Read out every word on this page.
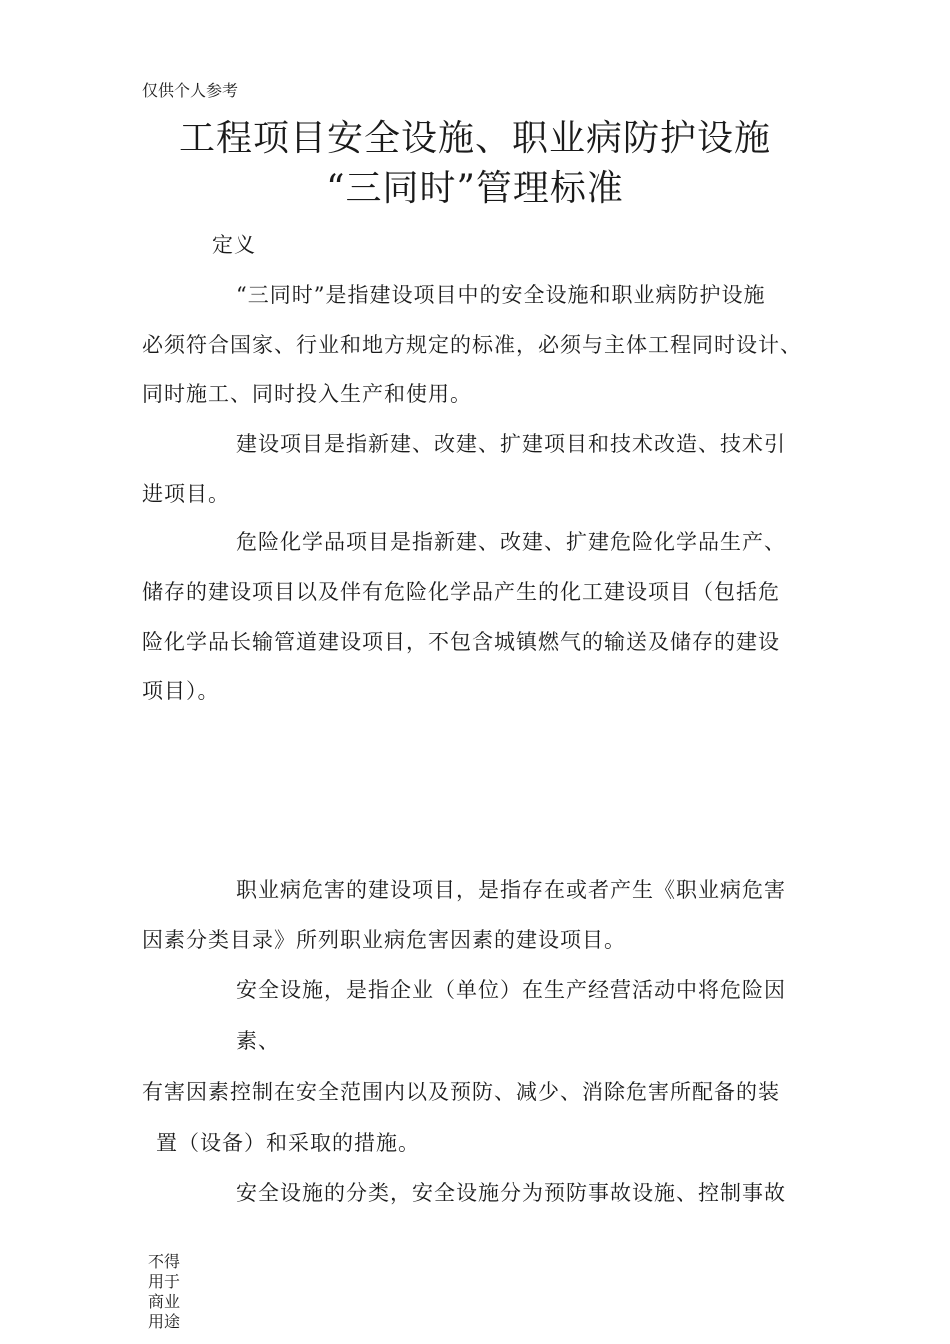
仅供个人参考
工程项目安全设施、职业病防护设施
“三同时”管理标准
定义
“三同时”是指建设项目中的安全设施和职业病防护设施
必须符合国家、行业和地方规定的标准，必须与主体工程同时设计、
同时施工、同时投入生产和使用。
建设项目是指新建、改建、扩建项目和技术改造、技术引
进项目。
危险化学品项目是指新建、改建、扩建危险化学品生产、
储存的建设项目以及伴有危险化学品产生的化工建设项目（包括危
险化学品长输管道建设项目，不包含城镇燃气的输送及储存的建设
项目）。
职业病危害的建设项目，是指存在或者产生《职业病危害
因素分类目录》所列职业病危害因素的建设项目。
安全设施，是指企业（单位）在生产经营活动中将危险因
素、
有害因素控制在安全范围内以及预防、减少、消除危害所配备的装
置（设备）和采取的措施。
安全设施的分类，安全设施分为预防事故设施、控制事故
不得
用于
商业
用途
